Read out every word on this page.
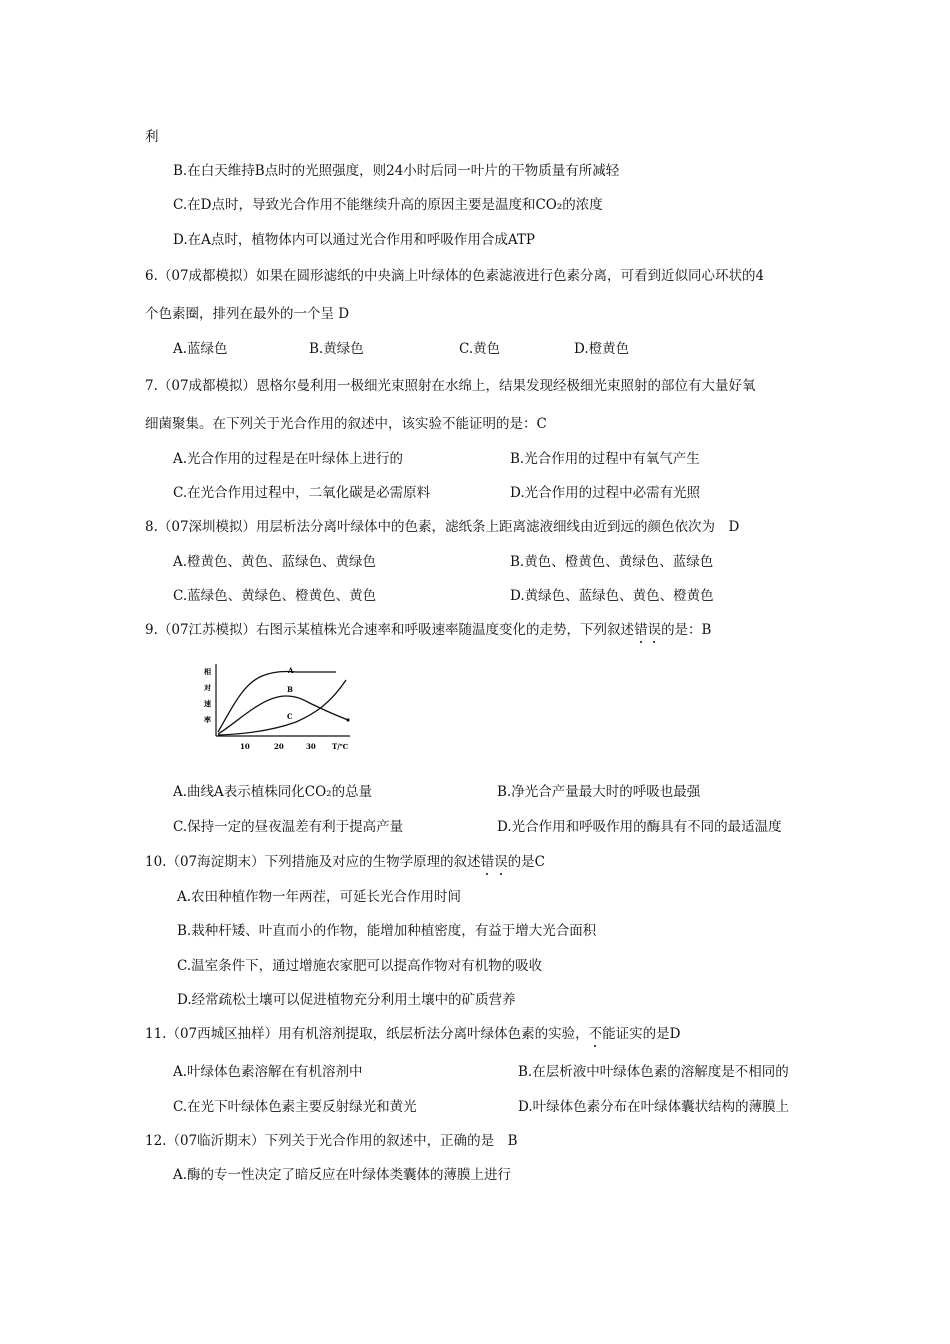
利
B.在白天维持B点时的光照强度，则24小时后同一叶片的干物质量有所减轻
C.在D点时，导致光合作用不能继续升高的原因主要是温度和CO₂的浓度
D.在A点时，植物体内可以通过光合作用和呼吸作用合成ATP
6.（07成都模拟）如果在圆形滤纸的中央滴上叶绿体的色素滤液进行色素分离，可看到近似同心环状的4
个色素圈，排列在最外的一个呈 D
A.蓝绿色	B.黄绿色	C.黄色	D.橙黄色
7.（07成都模拟）恩格尔曼利用一极细光束照射在水绵上，结果发现经极细光束照射的部位有大量好氧
细菌聚集。在下列关于光合作用的叙述中，该实验不能证明的是：C
A.光合作用的过程是在叶绿体上进行的	B.光合作用的过程中有氧气产生
C.在光合作用过程中，二氧化碳是必需原料	D.光合作用的过程中必需有光照
8.（07深圳模拟）用层析法分离叶绿体中的色素，滤纸条上距离滤液细线由近到远的颜色依次为　D
A.橙黄色、黄色、蓝绿色、黄绿色	B.黄色、橙黄色、黄绿色、蓝绿色
C.蓝绿色、黄绿色、橙黄色、黄色	D.黄绿色、蓝绿色、黄色、橙黄色
9.（07江苏模拟）右图示某植株光合速率和呼吸速率随温度变化的走势，下列叙述错误的是：B
相
对
速
率
A
B
C
10	20	30 T/℃
A.曲线A表示植株同化CO₂的总量	B.净光合产量最大时的呼吸也最强
C.保持一定的昼夜温差有利于提高产量	D.光合作用和呼吸作用的酶具有不同的最适温度
10.（07海淀期末）下列措施及对应的生物学原理的叙述错误的是C
A.农田种植作物一年两茬，可延长光合作用时间
B.栽种杆矮、叶直而小的作物，能增加种植密度，有益于增大光合面积
C.温室条件下，通过增施农家肥可以提高作物对有机物的吸收
D.经常疏松土壤可以促进植物充分利用土壤中的矿质营养
11.（07西城区抽样）用有机溶剂提取，纸层析法分离叶绿体色素的实验，不能证实的是D
A.叶绿体色素溶解在有机溶剂中	B.在层析液中叶绿体色素的溶解度是不相同的
C.在光下叶绿体色素主要反射绿光和黄光	D.叶绿体色素分布在叶绿体囊状结构的薄膜上
12.（07临沂期末）下列关于光合作用的叙述中，正确的是　B
A.酶的专一性决定了暗反应在叶绿体类囊体的薄膜上进行
